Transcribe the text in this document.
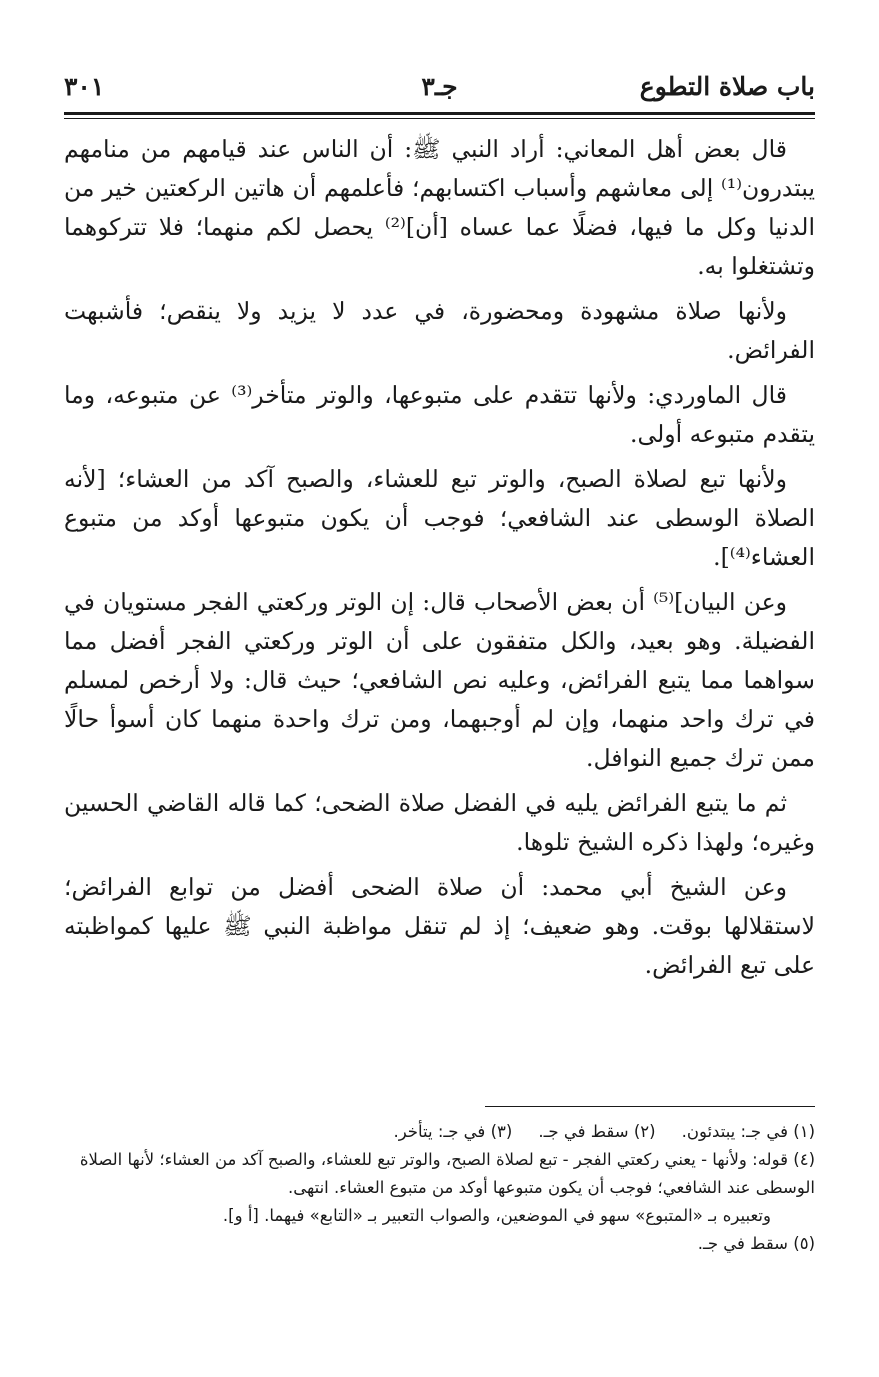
باب صلاة التطوع
جـ٣
٣٠١

قال بعض أهل المعاني: أراد النبي ﷺ: أن الناس عند قيامهم من منامهم يبتدرون⁽¹⁾ إلى معاشهم وأسباب اكتسابهم؛ فأعلمهم أن هاتين الركعتين خير من الدنيا وكل ما فيها، فضلًا عما عساه [أن]⁽²⁾ يحصل لكم منهما؛ فلا تتركوهما وتشتغلوا به.

ولأنها صلاة مشهودة ومحضورة، في عدد لا يزيد ولا ينقص؛ فأشبهت الفرائض.

قال الماوردي: ولأنها تتقدم على متبوعها، والوتر متأخر⁽³⁾ عن متبوعه، وما يتقدم متبوعه أولى.

ولأنها تبع لصلاة الصبح، والوتر تبع للعشاء، والصبح آكد من العشاء؛ [لأنه الصلاة الوسطى عند الشافعي؛ فوجب أن يكون متبوعها أوكد من متبوع العشاء⁽⁴⁾].

وعن البيان]⁽⁵⁾ أن بعض الأصحاب قال: إن الوتر وركعتي الفجر مستويان في الفضيلة. وهو بعيد، والكل متفقون على أن الوتر وركعتي الفجر أفضل مما سواهما مما يتبع الفرائض، وعليه نص الشافعي؛ حيث قال: ولا أرخص لمسلم في ترك واحد منهما، وإن لم أوجبهما، ومن ترك واحدة منهما كان أسوأ حالًا ممن ترك جميع النوافل.

ثم ما يتبع الفرائض يليه في الفضل صلاة الضحى؛ كما قاله القاضي الحسين وغيره؛ ولهذا ذكره الشيخ تلوها.

وعن الشيخ أبي محمد: أن صلاة الضحى أفضل من توابع الفرائض؛ لاستقلالها بوقت. وهو ضعيف؛ إذ لم تنقل مواظبة النبي ﷺ عليها كمواظبته على تبع الفرائض.

(١) في جـ: يبتدئون.
(٢) سقط في جـ.
(٣) في جـ: يتأخر.

(٤) قوله: ولأنها - يعني ركعتي الفجر - تبع لصلاة الصبح، والوتر تبع للعشاء، والصبح آكد من العشاء؛ لأنها الصلاة الوسطى عند الشافعي؛ فوجب أن يكون متبوعها أوكد من متبوع العشاء. انتهى.

وتعبيره بـ «المتبوع» سهو في الموضعين، والصواب التعبير بـ «التابع» فيهما. [أ و].

(٥) سقط في جـ.
